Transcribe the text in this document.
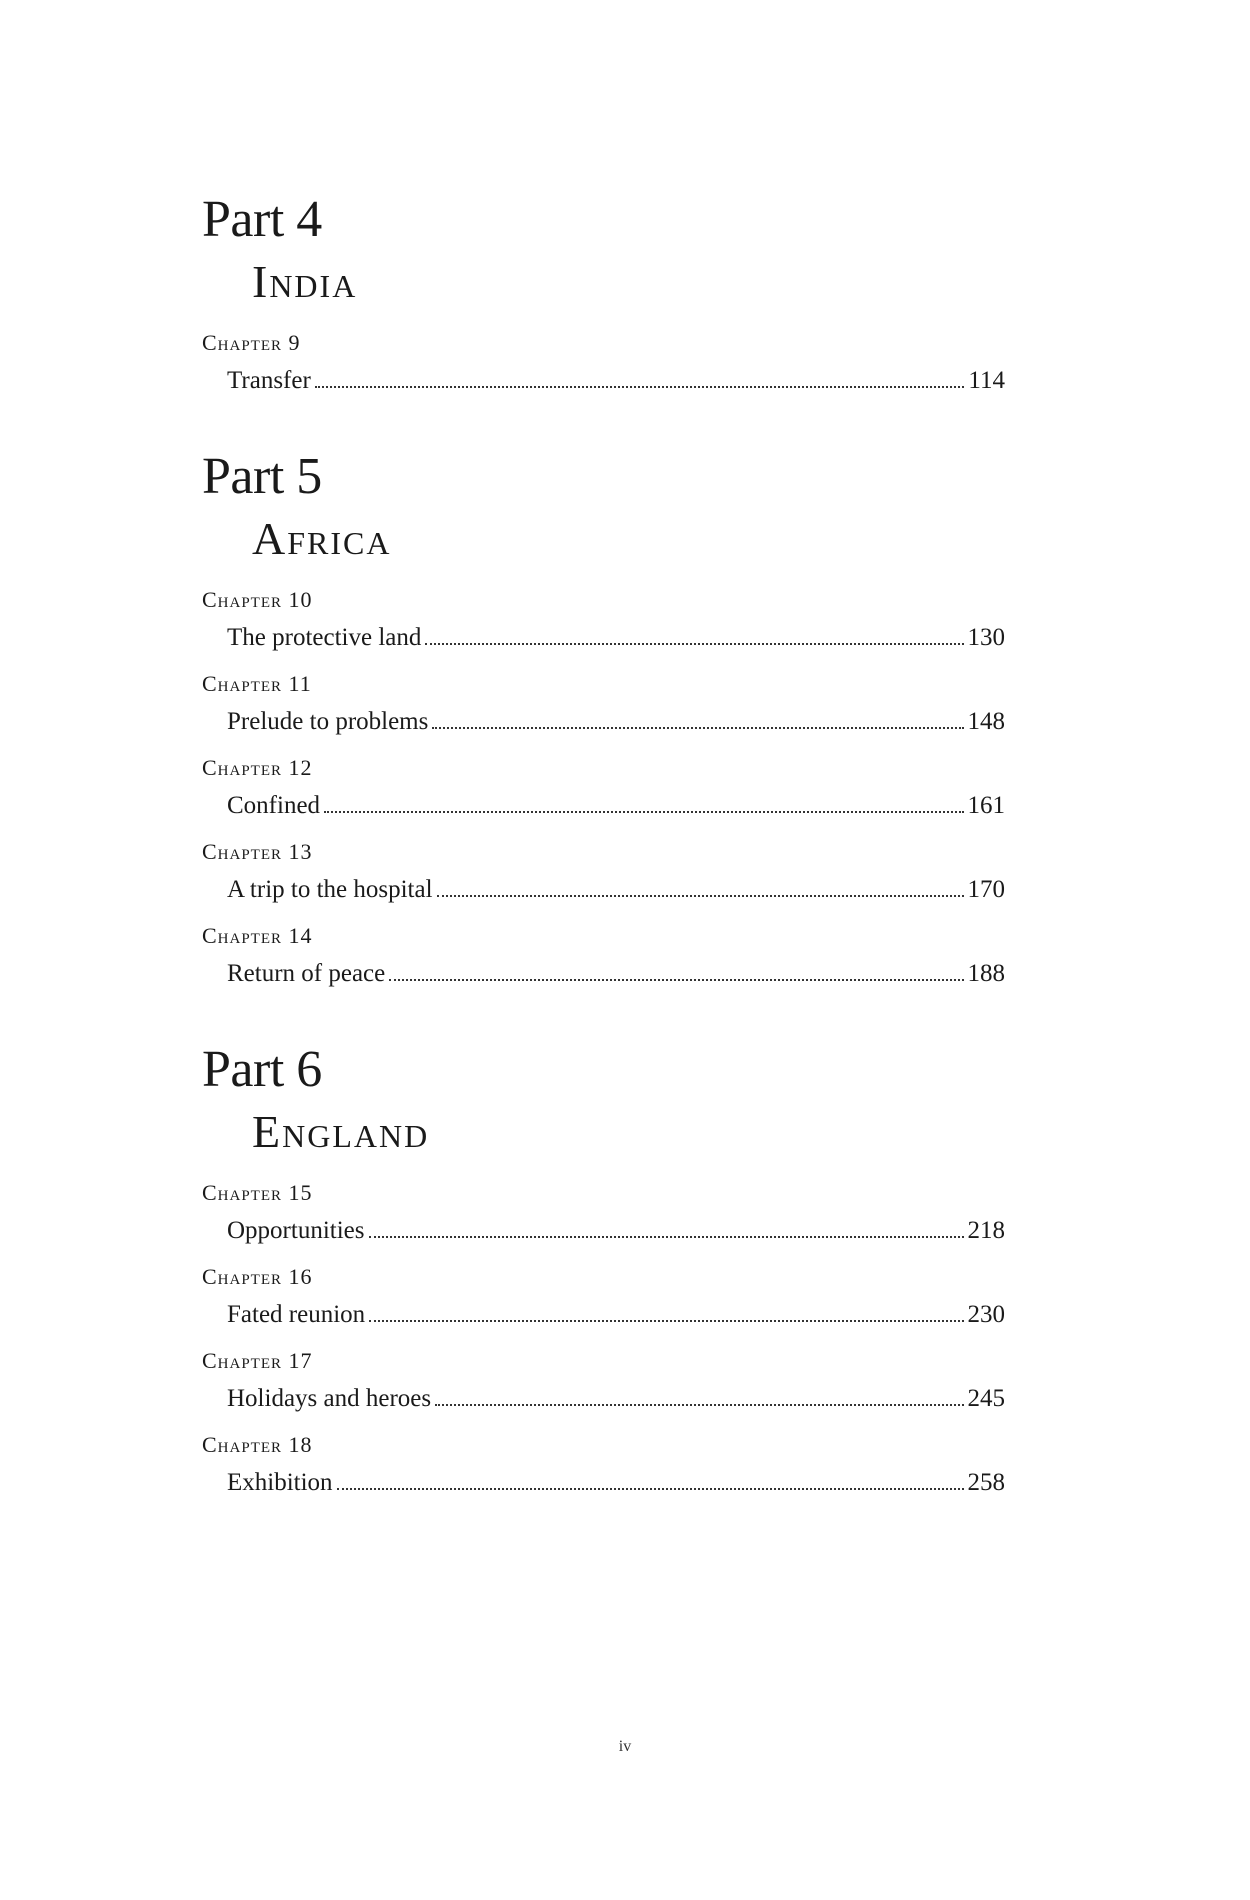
Part 4
India

Chapter 9

Transfer	114
Part 5
Africa

Chapter 10

The protective land	130

Chapter 11

Prelude to problems	148

Chapter 12

Confined	161

Chapter 13

A trip to the hospital	170

Chapter 14

Return of peace	188
Part 6
England

Chapter 15

Opportunities	218

Chapter 16

Fated reunion	230

Chapter 17

Holidays and heroes	245

Chapter 18

Exhibition	258
iv
